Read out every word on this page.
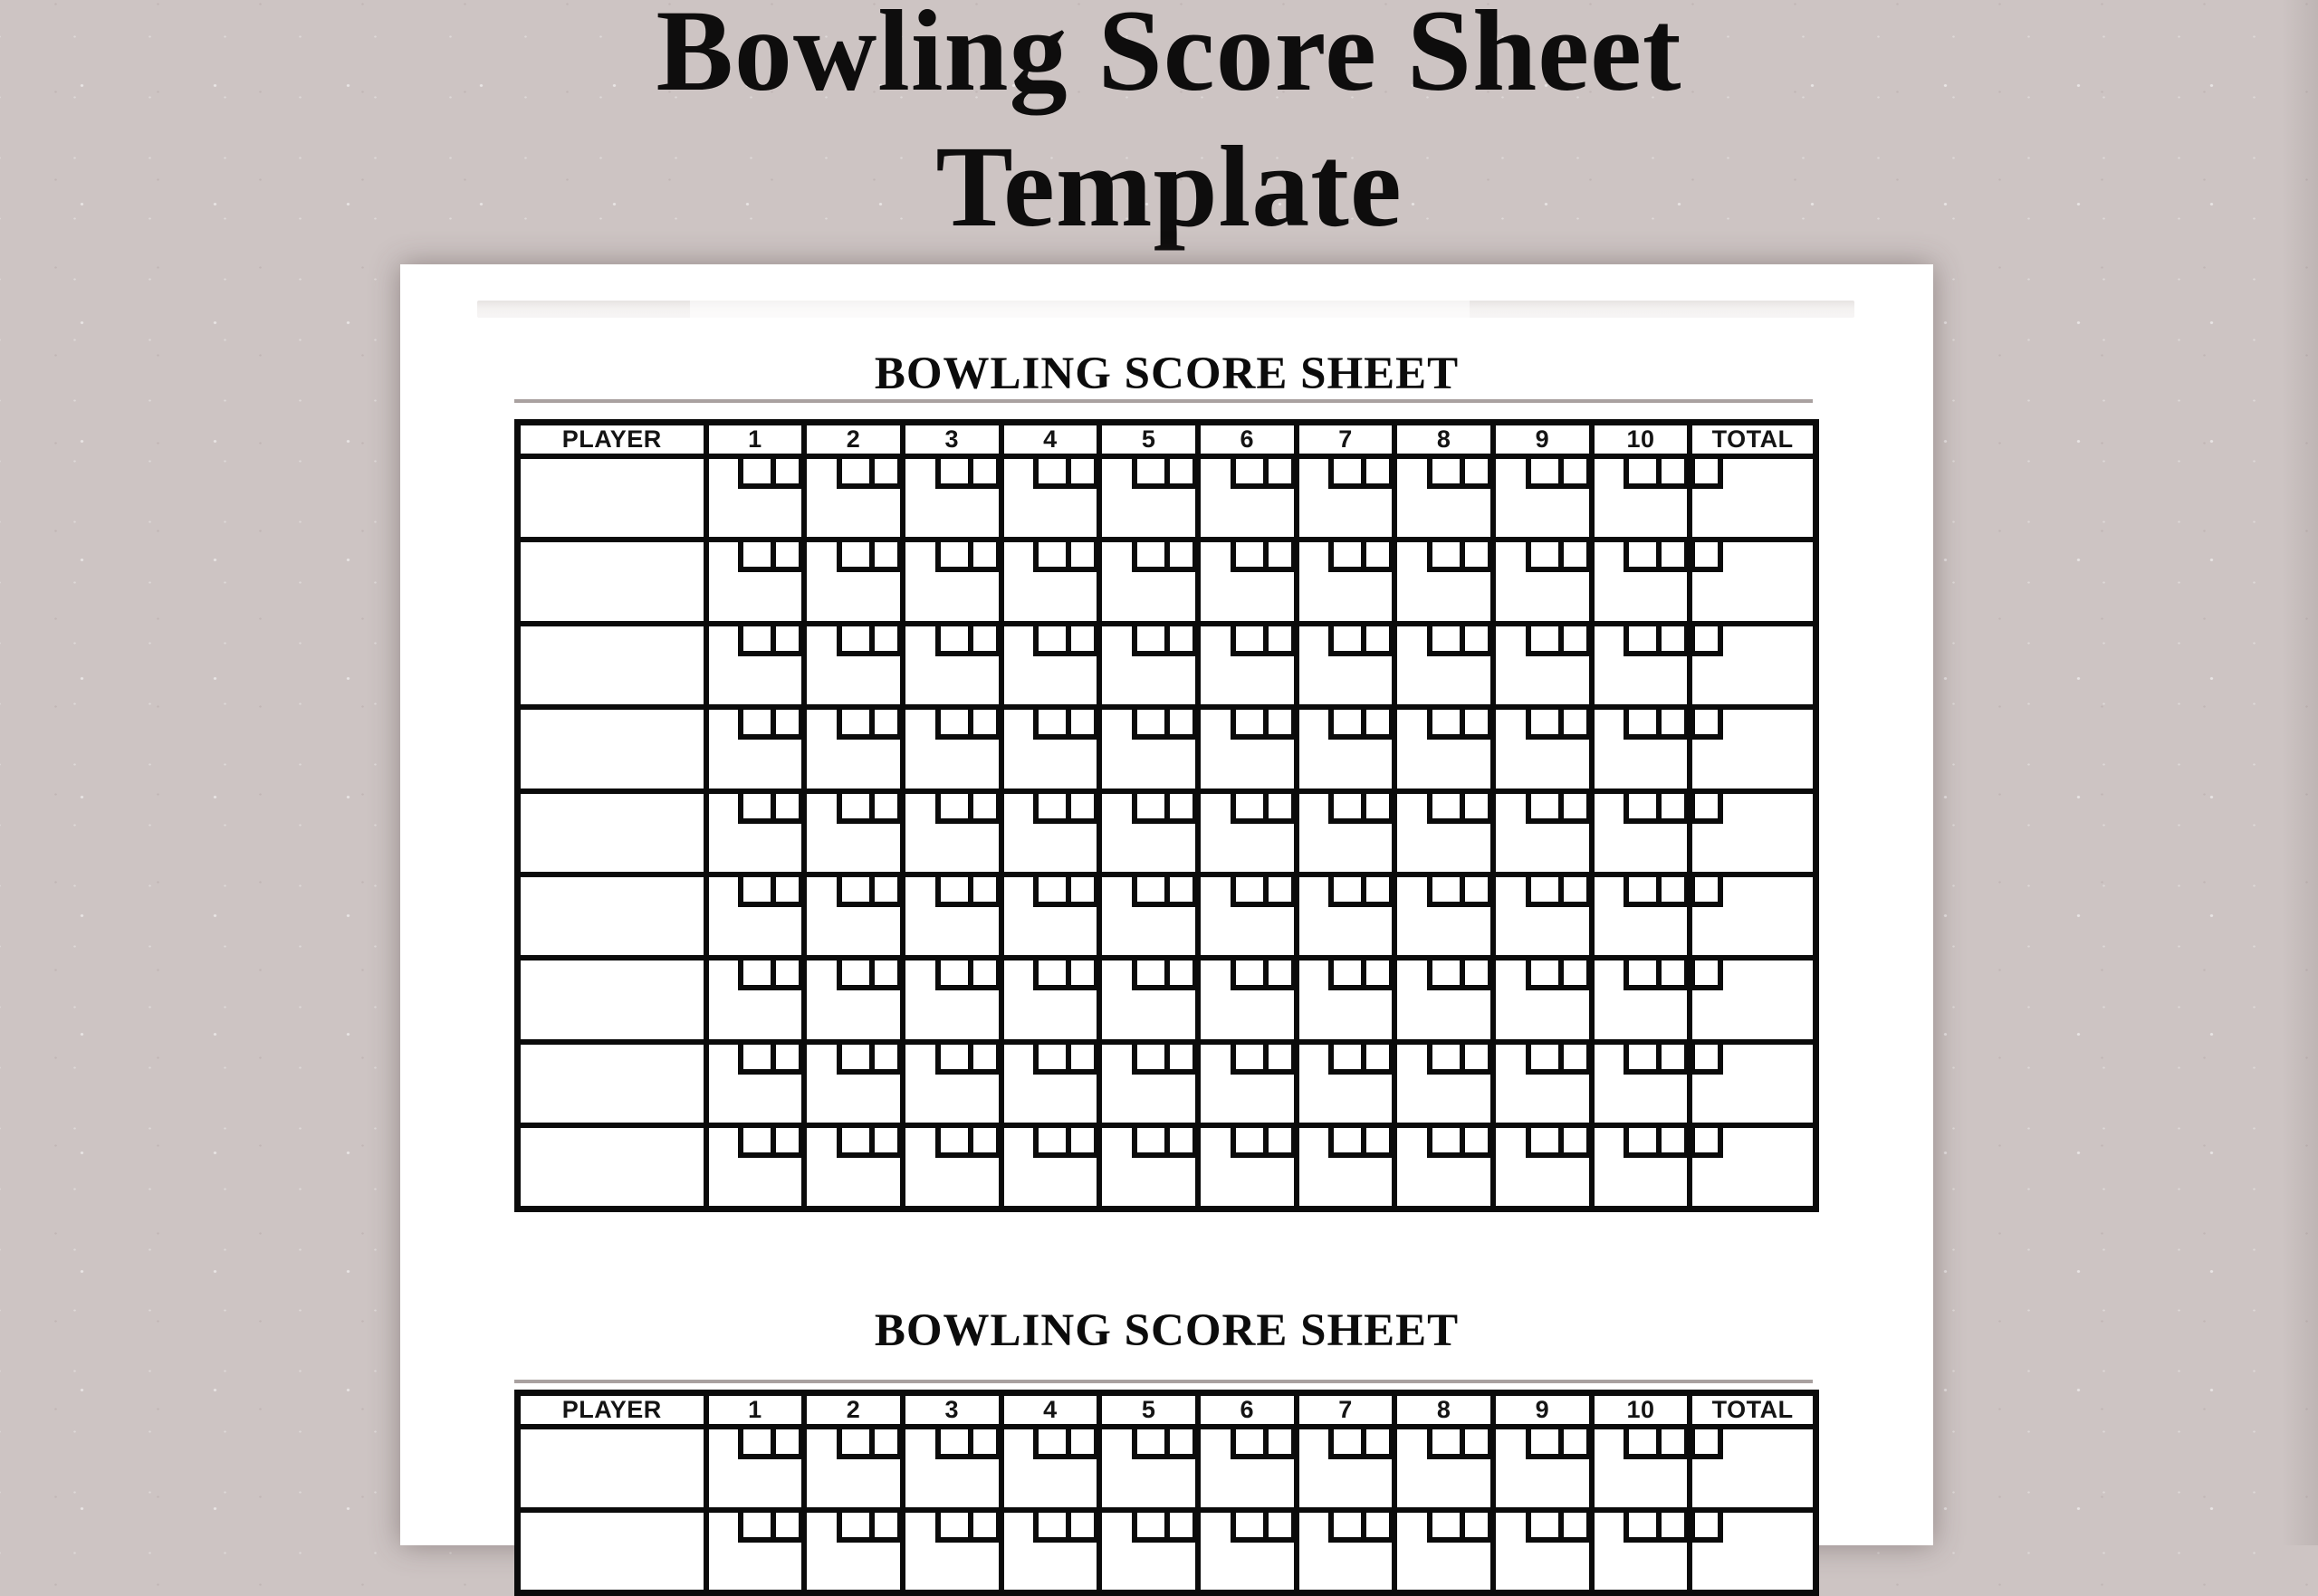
Bowling Score Sheet
Template
BOWLING SCORE SHEET
PLAYER	1	2	3	4	5	6	7	8	9	10	TOTAL

BOWLING SCORE SHEET
PLAYER	1	2	3	4	5	6	7	8	9	10	TOTAL
